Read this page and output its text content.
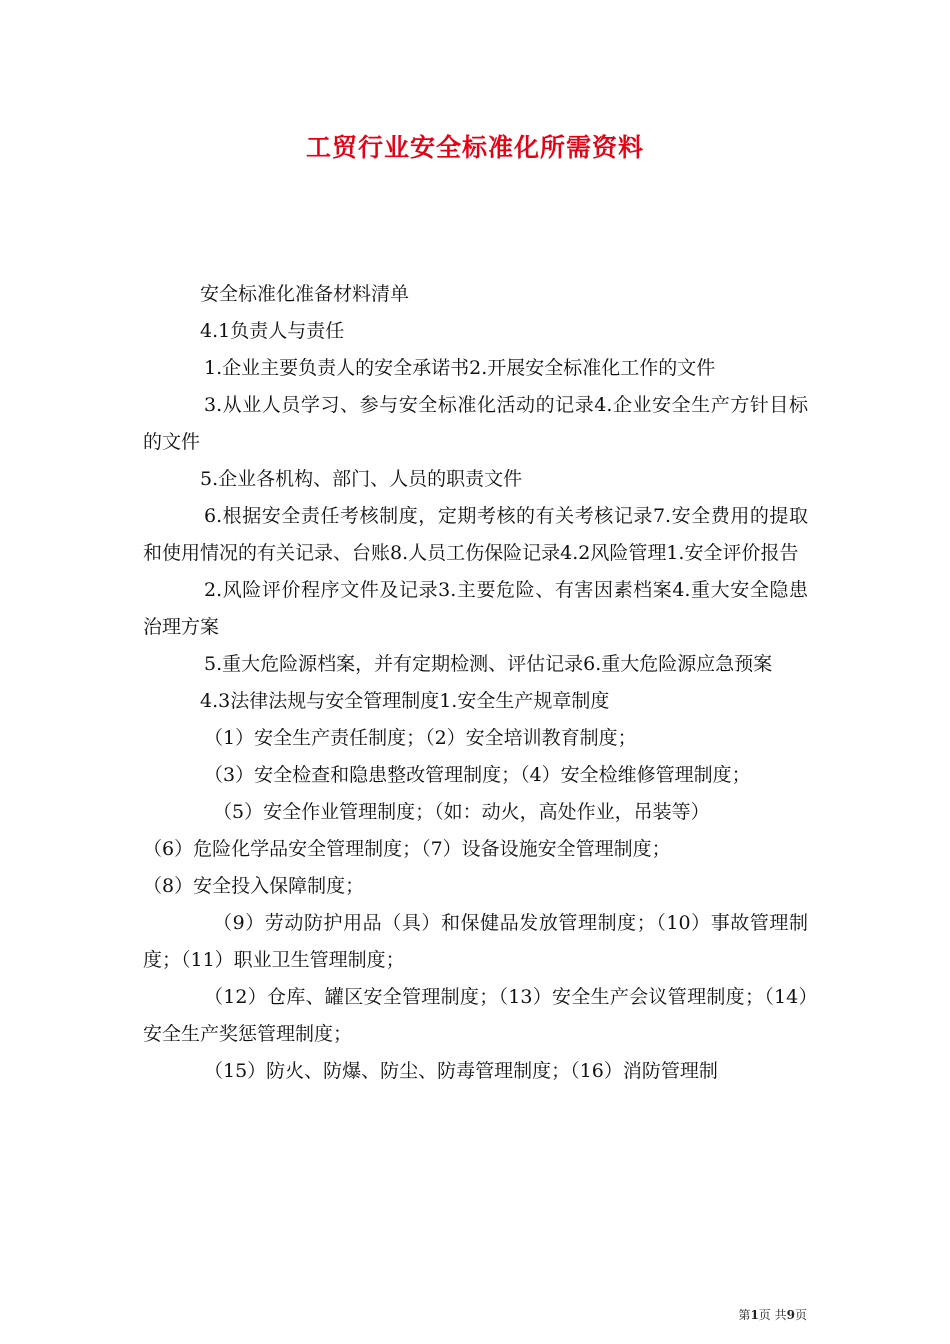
工贸行业安全标准化所需资料

安全标准化准备材料清单

4.1负责人与责任

1.企业主要负责人的安全承诺书2.开展安全标准化工作的文件

3.从业人员学习、参与安全标准化活动的记录4.企业安全生产方针目标的文件

5.企业各机构、部门、人员的职责文件

6.根据安全责任考核制度，定期考核的有关考核记录7.安全费用的提取和使用情况的有关记录、台账8.人员工伤保险记录4.2风险管理1.安全评价报告

2.风险评价程序文件及记录3.主要危险、有害因素档案4.重大安全隐患治理方案

5.重大危险源档案，并有定期检测、评估记录6.重大危险源应急预案

4.3法律法规与安全管理制度1.安全生产规章制度

（1）安全生产责任制度；（2）安全培训教育制度；

（3）安全检查和隐患整改管理制度；（4）安全检维修管理制度；

（5）安全作业管理制度；（如：动火，高处作业，吊装等）

（6）危险化学品安全管理制度；（7）设备设施安全管理制度；

（8）安全投入保障制度；

（9）劳动防护用品（具）和保健品发放管理制度；（10）事故管理制度；（11）职业卫生管理制度；

（12）仓库、罐区安全管理制度；（13）安全生产会议管理制度；（14）安全生产奖惩管理制度；

（15）防火、防爆、防尘、防毒管理制度；（16）消防管理制

第1页 共9页
